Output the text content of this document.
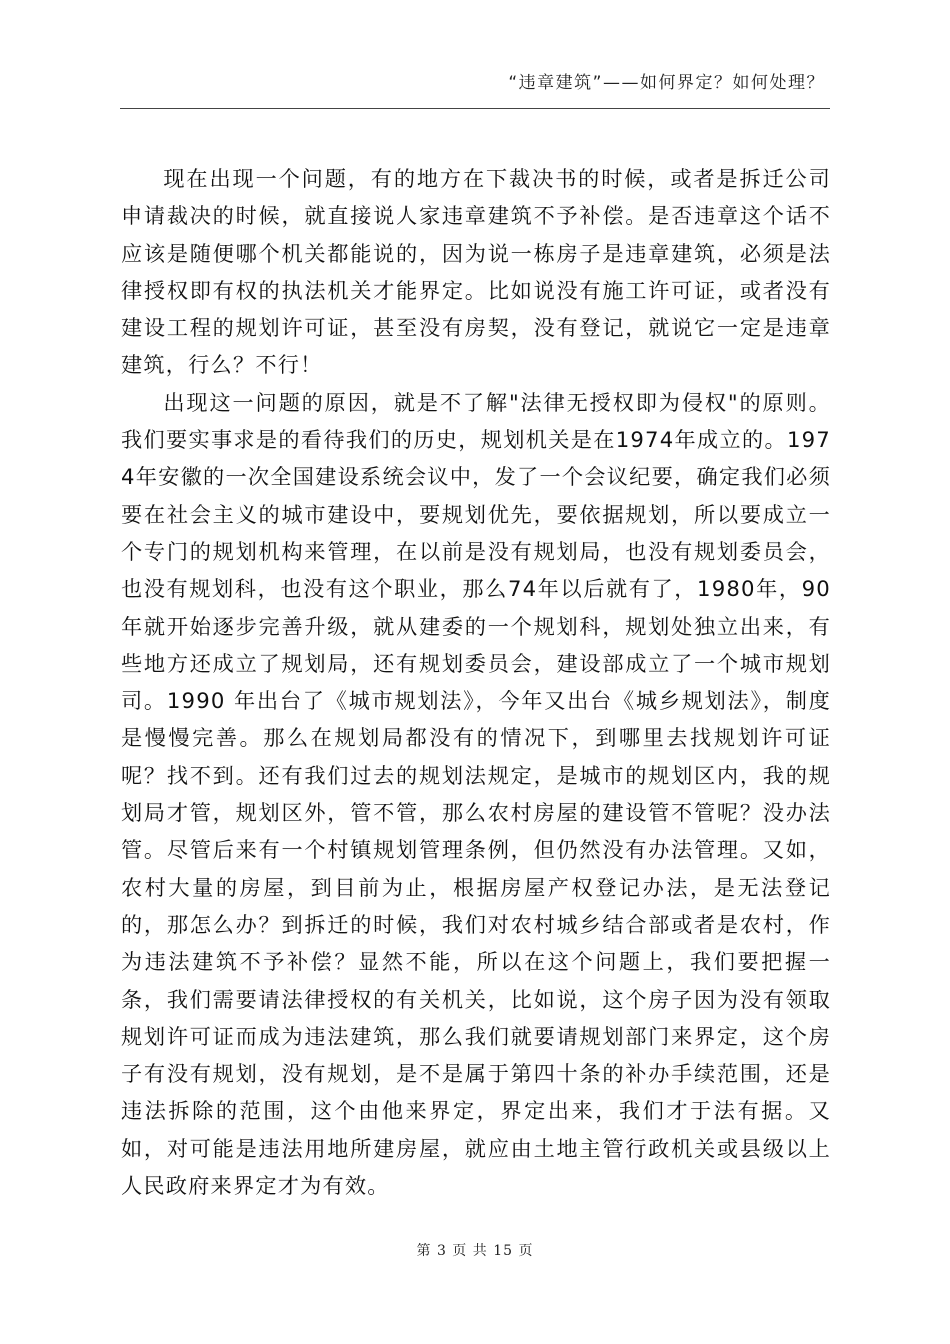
“违章建筑”——如何界定？如何处理？

现在出现一个问题，有的地方在下裁决书的时候，或者是拆迁公司申请裁决的时候，就直接说人家违章建筑不予补偿。是否违章这个话不应该是随便哪个机关都能说的，因为说一栋房子是违章建筑，必须是法律授权即有权的执法机关才能界定。比如说没有施工许可证，或者没有建设工程的规划许可证，甚至没有房契，没有登记，就说它一定是违章建筑，行么？不行！

出现这一问题的原因，就是不了解"法律无授权即为侵权"的原则。我们要实事求是的看待我们的历史，规划机关是在1974年成立的。1974年安徽的一次全国建设系统会议中，发了一个会议纪要，确定我们必须要在社会主义的城市建设中，要规划优先，要依据规划，所以要成立一个专门的规划机构来管理，在以前是没有规划局，也没有规划委员会，也没有规划科，也没有这个职业，那么74年以后就有了，1980年，90年就开始逐步完善升级，就从建委的一个规划科，规划处独立出来，有些地方还成立了规划局，还有规划委员会，建设部成立了一个城市规划司。1990 年出台了《城市规划法》，今年又出台《城乡规划法》，制度是慢慢完善。那么在规划局都没有的情况下，到哪里去找规划许可证呢？找不到。还有我们过去的规划法规定，是城市的规划区内，我的规划局才管，规划区外，管不管，那么农村房屋的建设管不管呢？没办法管。尽管后来有一个村镇规划管理条例，但仍然没有办法管理。又如，农村大量的房屋，到目前为止，根据房屋产权登记办法，是无法登记的，那怎么办？到拆迁的时候，我们对农村城乡结合部或者是农村，作为违法建筑不予补偿？显然不能，所以在这个问题上，我们要把握一条，我们需要请法律授权的有关机关，比如说，这个房子因为没有领取规划许可证而成为违法建筑，那么我们就要请规划部门来界定，这个房子有没有规划，没有规划，是不是属于第四十条的补办手续范围，还是违法拆除的范围，这个由他来界定，界定出来，我们才于法有据。又如，对可能是违法用地所建房屋，就应由土地主管行政机关或县级以上人民政府来界定才为有效。

第 3 页 共 15 页
